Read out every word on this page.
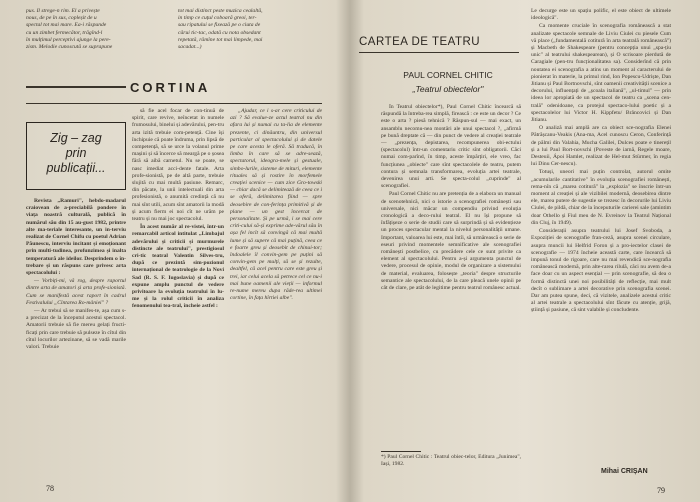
pus. Il strege-n rim. El a privește
nous, de pe în sus, copleșit de u
spectal tot mai mare. Ea-i răspunde
cu un zimbet fermecător, trăgînd-l
în mulțimul perceptivi ajunge la pere-
zism. Melodie cunoscută se suprapune
tot mai distinct peste muzica cealaltă,
in timp ce cuțul coboară greoi, ter-
sau ripatului se fixează pe o ciuta de
cărui tic-tac, odată cu nota obsedant
repetată, rămîne tot mai limpede, mai
sacadat...)
CORTINA
Zig – zag
prin
publicații...

Revista „Ramuri", hebdo-madarul craiovean de a-preciabilă pondere în viața noastră culturală, publică în numărul său din 15 au-gust 1982, printre alte ma-teriale interesante, un in-terviu realizat de Cornel Chifu cu poetul Adrian Păunescu, interviu incitant și emoționant prin multi-tudinea, profunzimea și inalta temperatură ale ideilor. Desprindem o în-trebare și un răspuns care privesc arta spectacolului :

— Vorbiți-mi, vă rog, despre raportul dintre arta de amatori și arta profe-sionistă. Cum se manifestă acest raport în cadrul Festivalului „Cîntarea Ro-mâniei" ?

— Ar trebui să se manifes-te, așa cum s-a precizat de la începutul acestui spectacol. Amatorii trebuie să fie mereu gelați fructi-ficați prin care trebuie să pulseze în cîtul din cîtul locurilor artezinane, să se vadă marile valori. Trebuie

să fie acel focar de con-tinuă de spirit, care revive, neîncetat in numele frumosului, binelui și adevărului, pen-tru arta izită trebuie com-petență. Cine își închipuie că poate îndruma, prin lipsă de competență, să se urce la volanul prime mașini și să încerce să meargă pe o șosea fără să aibă carnetul. Nu se poate, se nasc imediat acci-dente fatale. Arta profe-sionistă, pe de altă parte, trebuie slujită cu mai multă pasiune. Remarc, din păcate, la unii intelectuali din arta profesionistă, o anumită credință că nu mai sînt utili, acum sînt amatorii la modă și acum fierm ei noi cît ne urăm pe teatru și nu mai joc spectacolul.

În acest număr al re-vistei, într-un remarcabil articol intitulat „Limbajul adevărului și criticii și murmurele distincte ale teatrului", prestigiosul cri-tic teatral Valentin Silves-tru, după ce prezintă sim-pozionul internațional de teatrologie de la Novi Sad (R. S. F. Iugoslavia) și după ce expune amplu punctul de vedere privitoare la evoluția teatrului în lu-me și la rolul criticii în analiza fenomenului tea-tral, încheie astfel :

„Ajudar, ce i s-ar cere criticului de azi ? Să evalue-ze actul teatral nu din afara lui și numai cu ta-lia de elemente prezente, ci dinăuntru, din universul particular al spectacolului și de datele pe care acesta le oferă. Să traducă, în limba în care să se adre-sează, spectatorul, ideogra-mele și gestuale, simbo-lurile, sisteme de mituri, elemente rituales să și rostire în morfemele creației scenice — cum zice Gro-towski — chiar dacă se delimitează de ceea ce i se oferă, delimitarea fiind — spre deosebire de con-ferința primitivă și de plane — un gest încercat de personalitate. Și pe urmă, i se mai cere criti-cului să-și exprime ade-vărul său în așa fel incît să convingă că mai multă lume și să supere că mai puțină, ceea ce e foarte greu și deosebit de chinui-tor; îndoalele îl convin-gem pe puțini să convin-gem pe mulți, să se și rezulte, dealtfel, că acel pentru care este greu și trei, iar celui acela să petrece cel ce nu-i mai bune oamenii ale vieții — informul re-nume mereu dupa răde-rea ultimei cortine, în fața hîrtiei albe".

78
CARTEA DE TEATRU
PAUL CORNEL CHITIC
„Teatrul obiectelor"

În Teatrul obiectelor*), Paul Cornel Chitic încearcă să răspundă la întreba-rea simplă, firească : ce este un decor ? Ce este o arta ? piesă tehnică ? Răspun-sul — mai exact, un ansamblu necomu-nea montări ale unui spectacol ?, „afirmă pe bună dreptate că — din punct de vedere al creației teatrale — „prezența, depistarea, recompunerea obi-ectului (spectacolul) într-un comentariu critic sînt obligatorii. Căci numai com-parînd, în timp, aceste împărțiri, ele vreo, fac funcțiunea „obiecte" care sînt spectacolele de teatru, putem contura și semnala transformarea, evoluția artei teatrale, devenirea unui arti. Se specta-colul „cuprinde" al scenografiei.

Paul Cornel Chitic nu are pretenția de a elabora un manual de scenotehnică, nici o istorie a scenografiei românești sau universale, nici măcar un compendiu privind evoluția cronologică a deco-rului teatral. El nu își propune să înfățișeze o serie de studii care să surprindă și să evidențieze un proces spectacular mental la nivelul personalității umane. Important, valoarea lui este, mai întîi, să urmărească o serie de eseuri privind momentele semnificative ale scenografiei românești postbelice, cu precădere cele ce sunt privite ca element al spectacolului. Pentru a-și argumenta punctul de vedere, procesul de opinie, modul de organizare a sistemului de material, evaluarea, folosește „teoria" despre structurile semantice ale spectacolului, de la care pleacă unele opinii pe cât de clare, pe atât de legitime pentru teatrul românesc actual.

*) Paul Cornel Chitic : Teatrul obiec-telor, Editura „Junimea", Iași, 1982.

Le decurge este un spațiu polific, el este obiect de ultimele ideologică".

Ca momente cruciale în scenografia românească a stat analizate spectacole semnale de Liviu Ciulei cu piesele Cum vă place („fundamentală cotitură în arta teatrală românească") și Macbeth de Shakespeare (pentru concepția unui „spa-țiu unic" al teatrului shakespearean), și O scrisoare pierdută de Caragiale (pen-tru funcționalitatea sa). Considerînd că prin noutatea ei scenografia a atins un moment al caracterului de pionierat în materie, la primul rind, Ion Popescu-Udriște, Dan Jitianu și Paul Bortnovschi, sînt oamenii creativității scenice a decorului, influențați de „școala italiană", „ul-timul" — prin ideea lor apropiată de un spectacol de teatru ca „scena cen-trală" odenidoane, ca protejul spectaco-lului poetic și a spectacolelor lui Victor H. Kippfetu/ Brâncovici și Dan Jitianu.

O analiză mai amplă are ca obiect sce-nografia Elenei Pătrășcanu-Veakis (Ana-ma, Acel cunoscu Ceron, Conferință de pălmi din Valahia, Mucha Galilei, Dulces poate e tinerețil și a lui Paul Bort-novschi (Poveste de iarnă, Regele moare, Desteuii, Ápoi Hamlet, realizat de Hel-mut Stürmer, în regia lui Dinu Cer-nescu).

Totuși, uneori mai puțin controlat, autorul omite „acumularile cantitative" în evoluția scenografiei românești, rema-nîn că „marea cotitură" la „explozia" se înscrie într-un moment al creației și ale vizibilei modernă, deosebirea dintre ele, marea putere de sugestie se trezesc în decorurile lui Liviu Ciulei, de pildă, chiar de la începuturile carierei sale (amintim doar Othello și Fiul meu de N. Evreinov la Teatrul Național din Cluj, în 1949).

Considerații asupra teatrului lui Josef Svoboda, a Expoziției de scenografie fran-ceză, asupra scenei circulare, asupra muncii lui Helfrid Foron și a pro-iectelor clasei de scenografie — 1974 încheie această carte, care încearcă să impună tonul de rigoare, care nu mai revendică sce-nografia românească modernă, prin alte-rarea rilulă, căci nu avem de-a face doar cu un aspect esențial — prin scenografie, să dea o formă distinctă unei noi posibilități de reflecție, mai mult decît o sublimare a artei decorative prin scenografia scenei. Dar am putea spune, deci, că vizitele, analizele acestui critic al artei teatrale a spectacolului sînt făcute cu atenție, grijă, știință și pasiune, că sint valabile și concludente.

Mihai CRIȘAN
79
